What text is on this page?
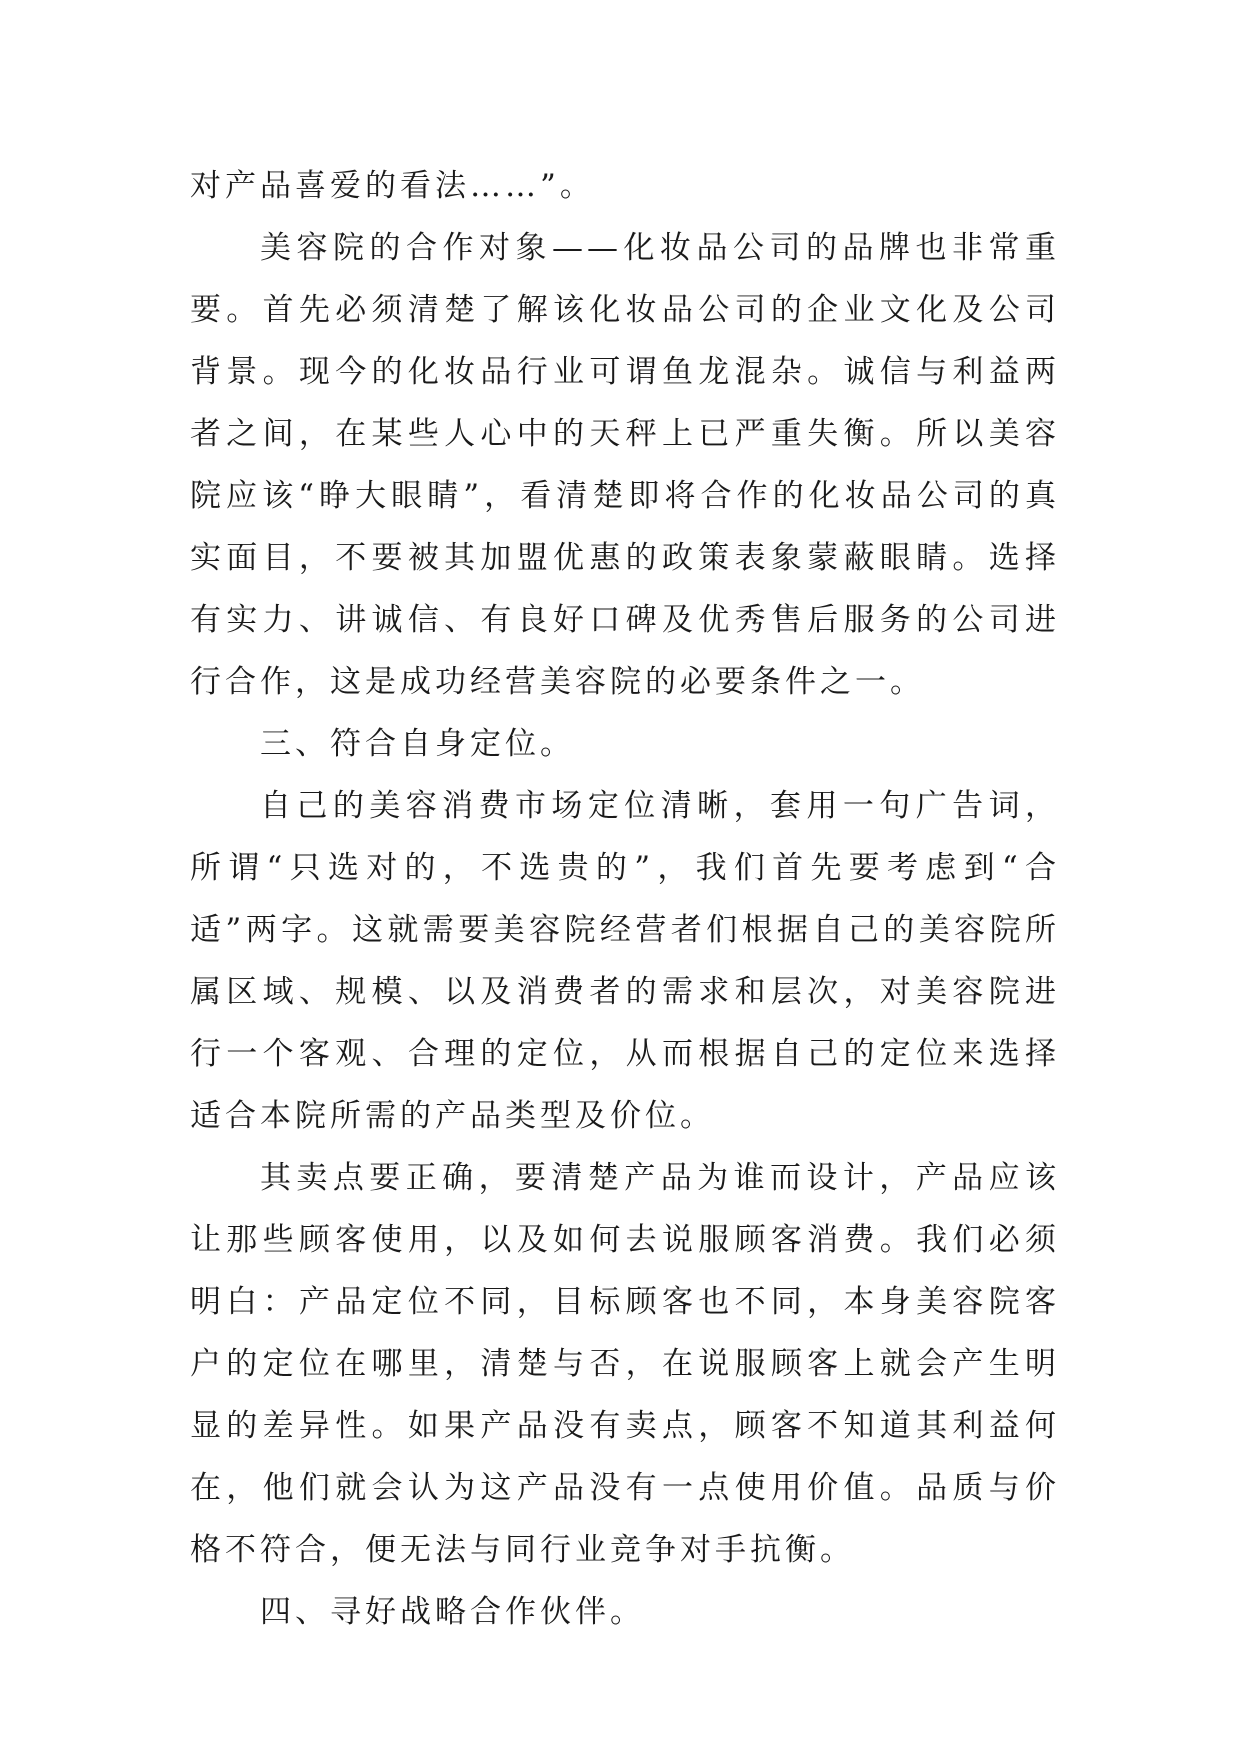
对产品喜爱的看法……”。

美容院的合作对象——化妆品公司的品牌也非常重要。首先必须清楚了解该化妆品公司的企业文化及公司背景。现今的化妆品行业可谓鱼龙混杂。诚信与利益两者之间，在某些人心中的天秤上已严重失衡。所以美容院应该“睁大眼睛”，看清楚即将合作的化妆品公司的真实面目，不要被其加盟优惠的政策表象蒙蔽眼睛。选择有实力、讲诚信、有良好口碑及优秀售后服务的公司进行合作，这是成功经营美容院的必要条件之一。

三、符合自身定位。

自己的美容消费市场定位清晰，套用一句广告词，所谓“只选对的，不选贵的”，我们首先要考虑到“合适”两字。这就需要美容院经营者们根据自己的美容院所属区域、规模、以及消费者的需求和层次，对美容院进行一个客观、合理的定位，从而根据自己的定位来选择适合本院所需的产品类型及价位。

其卖点要正确，要清楚产品为谁而设计，产品应该让那些顾客使用，以及如何去说服顾客消费。我们必须明白：产品定位不同，目标顾客也不同，本身美容院客户的定位在哪里，清楚与否，在说服顾客上就会产生明显的差异性。如果产品没有卖点，顾客不知道其利益何在，他们就会认为这产品没有一点使用价值。品质与价格不符合，便无法与同行业竞争对手抗衡。

四、寻好战略合作伙伴。
